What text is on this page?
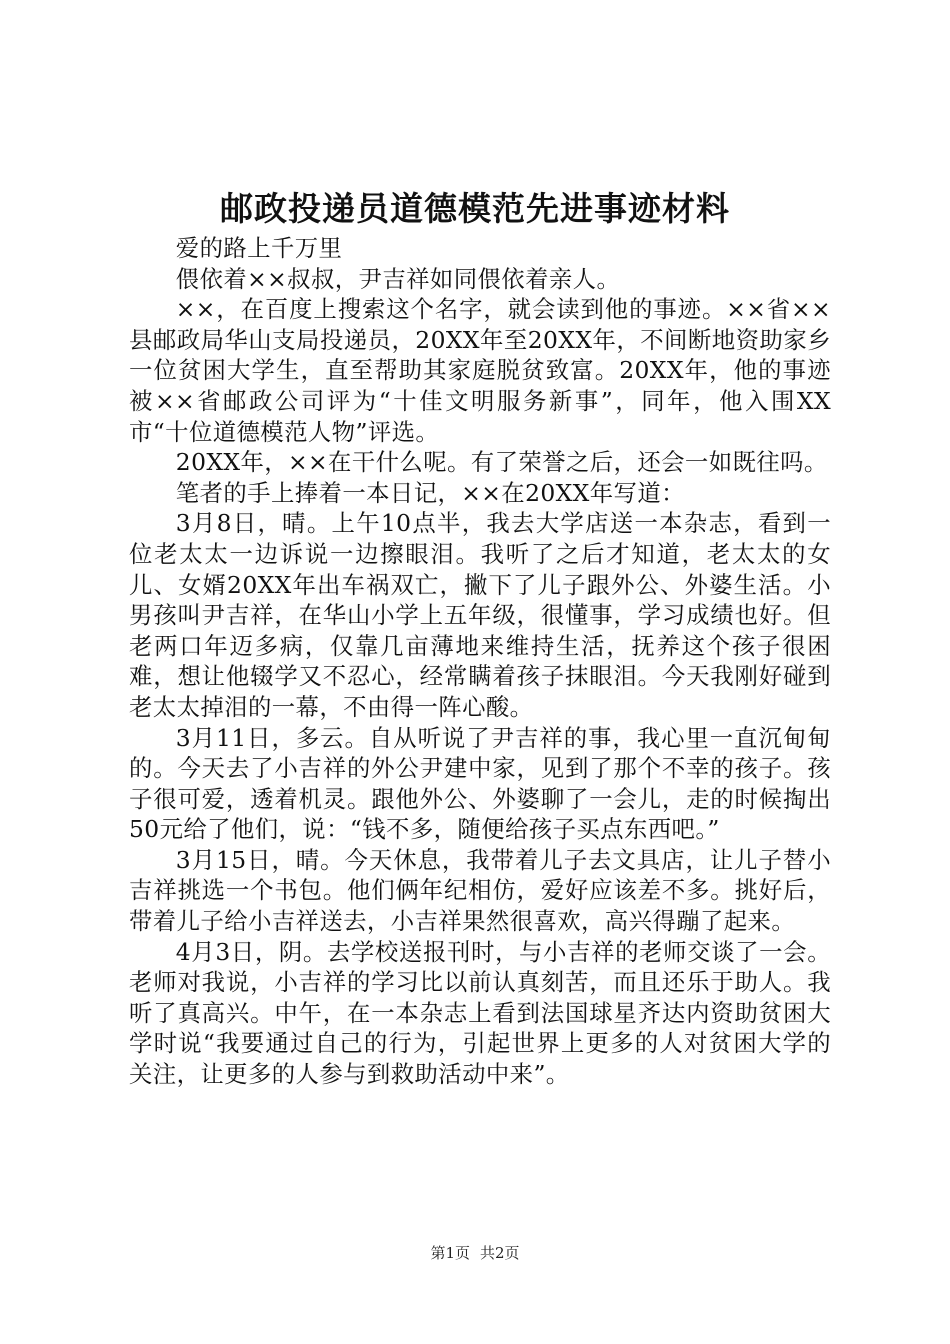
邮政投递员道德模范先进事迹材料

爱的路上千万里

偎依着××叔叔，尹吉祥如同偎依着亲人。

××，在百度上搜索这个名字，就会读到他的事迹。××省××县邮政局华山支局投递员，20XX年至20XX年，不间断地资助家乡一位贫困大学生，直至帮助其家庭脱贫致富。20XX年，他的事迹被××省邮政公司评为“十佳文明服务新事”，同年，他入围XX市“十位道德模范人物”评选。

20XX年，××在干什么呢。有了荣誉之后，还会一如既往吗。

笔者的手上捧着一本日记，××在20XX年写道：

3月8日，晴。上午10点半，我去大学店送一本杂志，看到一位老太太一边诉说一边擦眼泪。我听了之后才知道，老太太的女儿、女婿20XX年出车祸双亡，撇下了儿子跟外公、外婆生活。小男孩叫尹吉祥，在华山小学上五年级，很懂事，学习成绩也好。但老两口年迈多病，仅靠几亩薄地来维持生活，抚养这个孩子很困难，想让他辍学又不忍心，经常瞒着孩子抹眼泪。今天我刚好碰到老太太掉泪的一幕，不由得一阵心酸。

3月11日，多云。自从听说了尹吉祥的事，我心里一直沉甸甸的。今天去了小吉祥的外公尹建中家，见到了那个不幸的孩子。孩子很可爱，透着机灵。跟他外公、外婆聊了一会儿，走的时候掏出50元给了他们，说：“钱不多，随便给孩子买点东西吧。”

3月15日，晴。今天休息，我带着儿子去文具店，让儿子替小吉祥挑选一个书包。他们俩年纪相仿，爱好应该差不多。挑好后，带着儿子给小吉祥送去，小吉祥果然很喜欢，高兴得蹦了起来。

4月3日，阴。去学校送报刊时，与小吉祥的老师交谈了一会。老师对我说，小吉祥的学习比以前认真刻苦，而且还乐于助人。我听了真高兴。中午，在一本杂志上看到法国球星齐达内资助贫困大学时说“我要通过自己的行为，引起世界上更多的人对贫困大学的关注，让更多的人参与到救助活动中来”。

第1页 共2页
